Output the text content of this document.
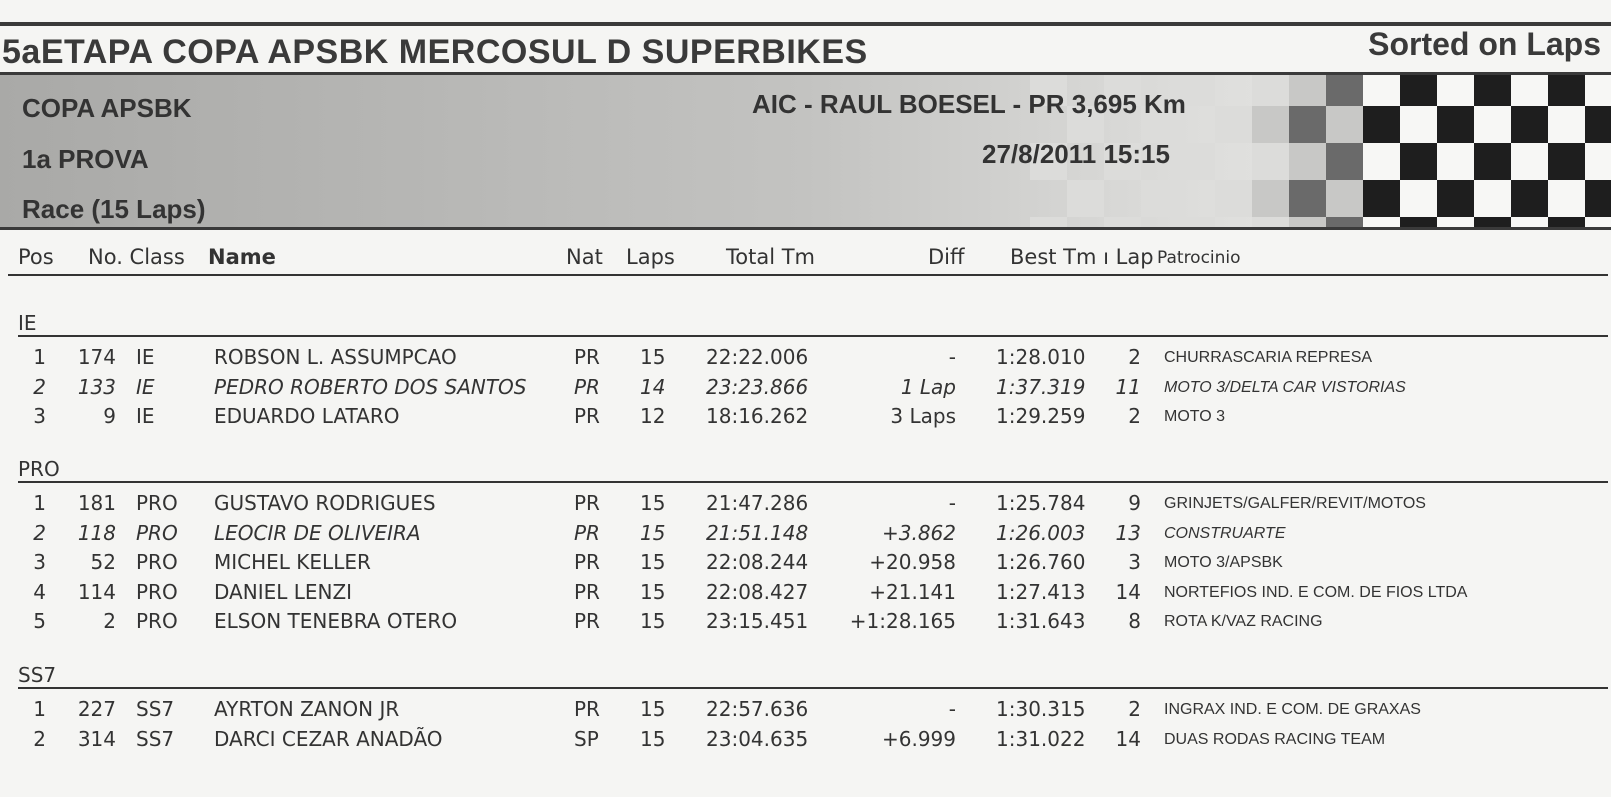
5aETAPA COPA APSBK MERCOSUL D SUPERBIKES	Sorted on Laps
COPA APSBK
1a PROVA
Race (15 Laps)
AIC - RAUL BOESEL - PR 3,695 Km
27/8/2011 15:15
Pos No. Class Name	Nat Laps Total Tm	Diff Best Tm ı Lap Patrocinio
IE
1 174 IE	ROBSON L. ASSUMPCAO	PR 15 22:22.006	- 1:28.010 2 CHURRASCARIA REPRESA
2 133 IE	PEDRO ROBERTO DOS SANTOS PR 14 23:23.866	1 Lap 1:37.319 11 MOTO 3/DELTA CAR VISTORIAS
3	9 IE	EDUARDO LATARO	PR 12 18:16.262	3 Laps 1:29.259 2 MOTO 3
PRO
1 181 PRO GUSTAVO RODRIGUES	PR 15 21:47.286	- 1:25.784 9 GRINJETS/GALFER/REVIT/MOTOS
2 118 PRO LEOCIR DE OLIVEIRA	PR 15 21:51.148	+3.862 1:26.003 13 CONSTRUARTE
3 52 PRO MICHEL KELLER	PR 15 22:08.244	+20.958 1:26.760 3 MOTO 3/APSBK
4 114 PRO DANIEL LENZI	PR 15 22:08.427	+21.141 1:27.413 14 NORTEFIOS IND. E COM. DE FIOS LTDA
5	2 PRO ELSON TENEBRA OTERO	PR 15 23:15.451 +1:28.165 1:31.643 8 ROTA K/VAZ RACING
SS7
1 227 SS7 AYRTON ZANON JR	PR 15 22:57.636	- 1:30.315 2 INGRAX IND. E COM. DE GRAXAS
2 314 SS7 DARCI CEZAR ANADÃO	SP 15 23:04.635	+6.999 1:31.022 14 DUAS RODAS RACING TEAM
